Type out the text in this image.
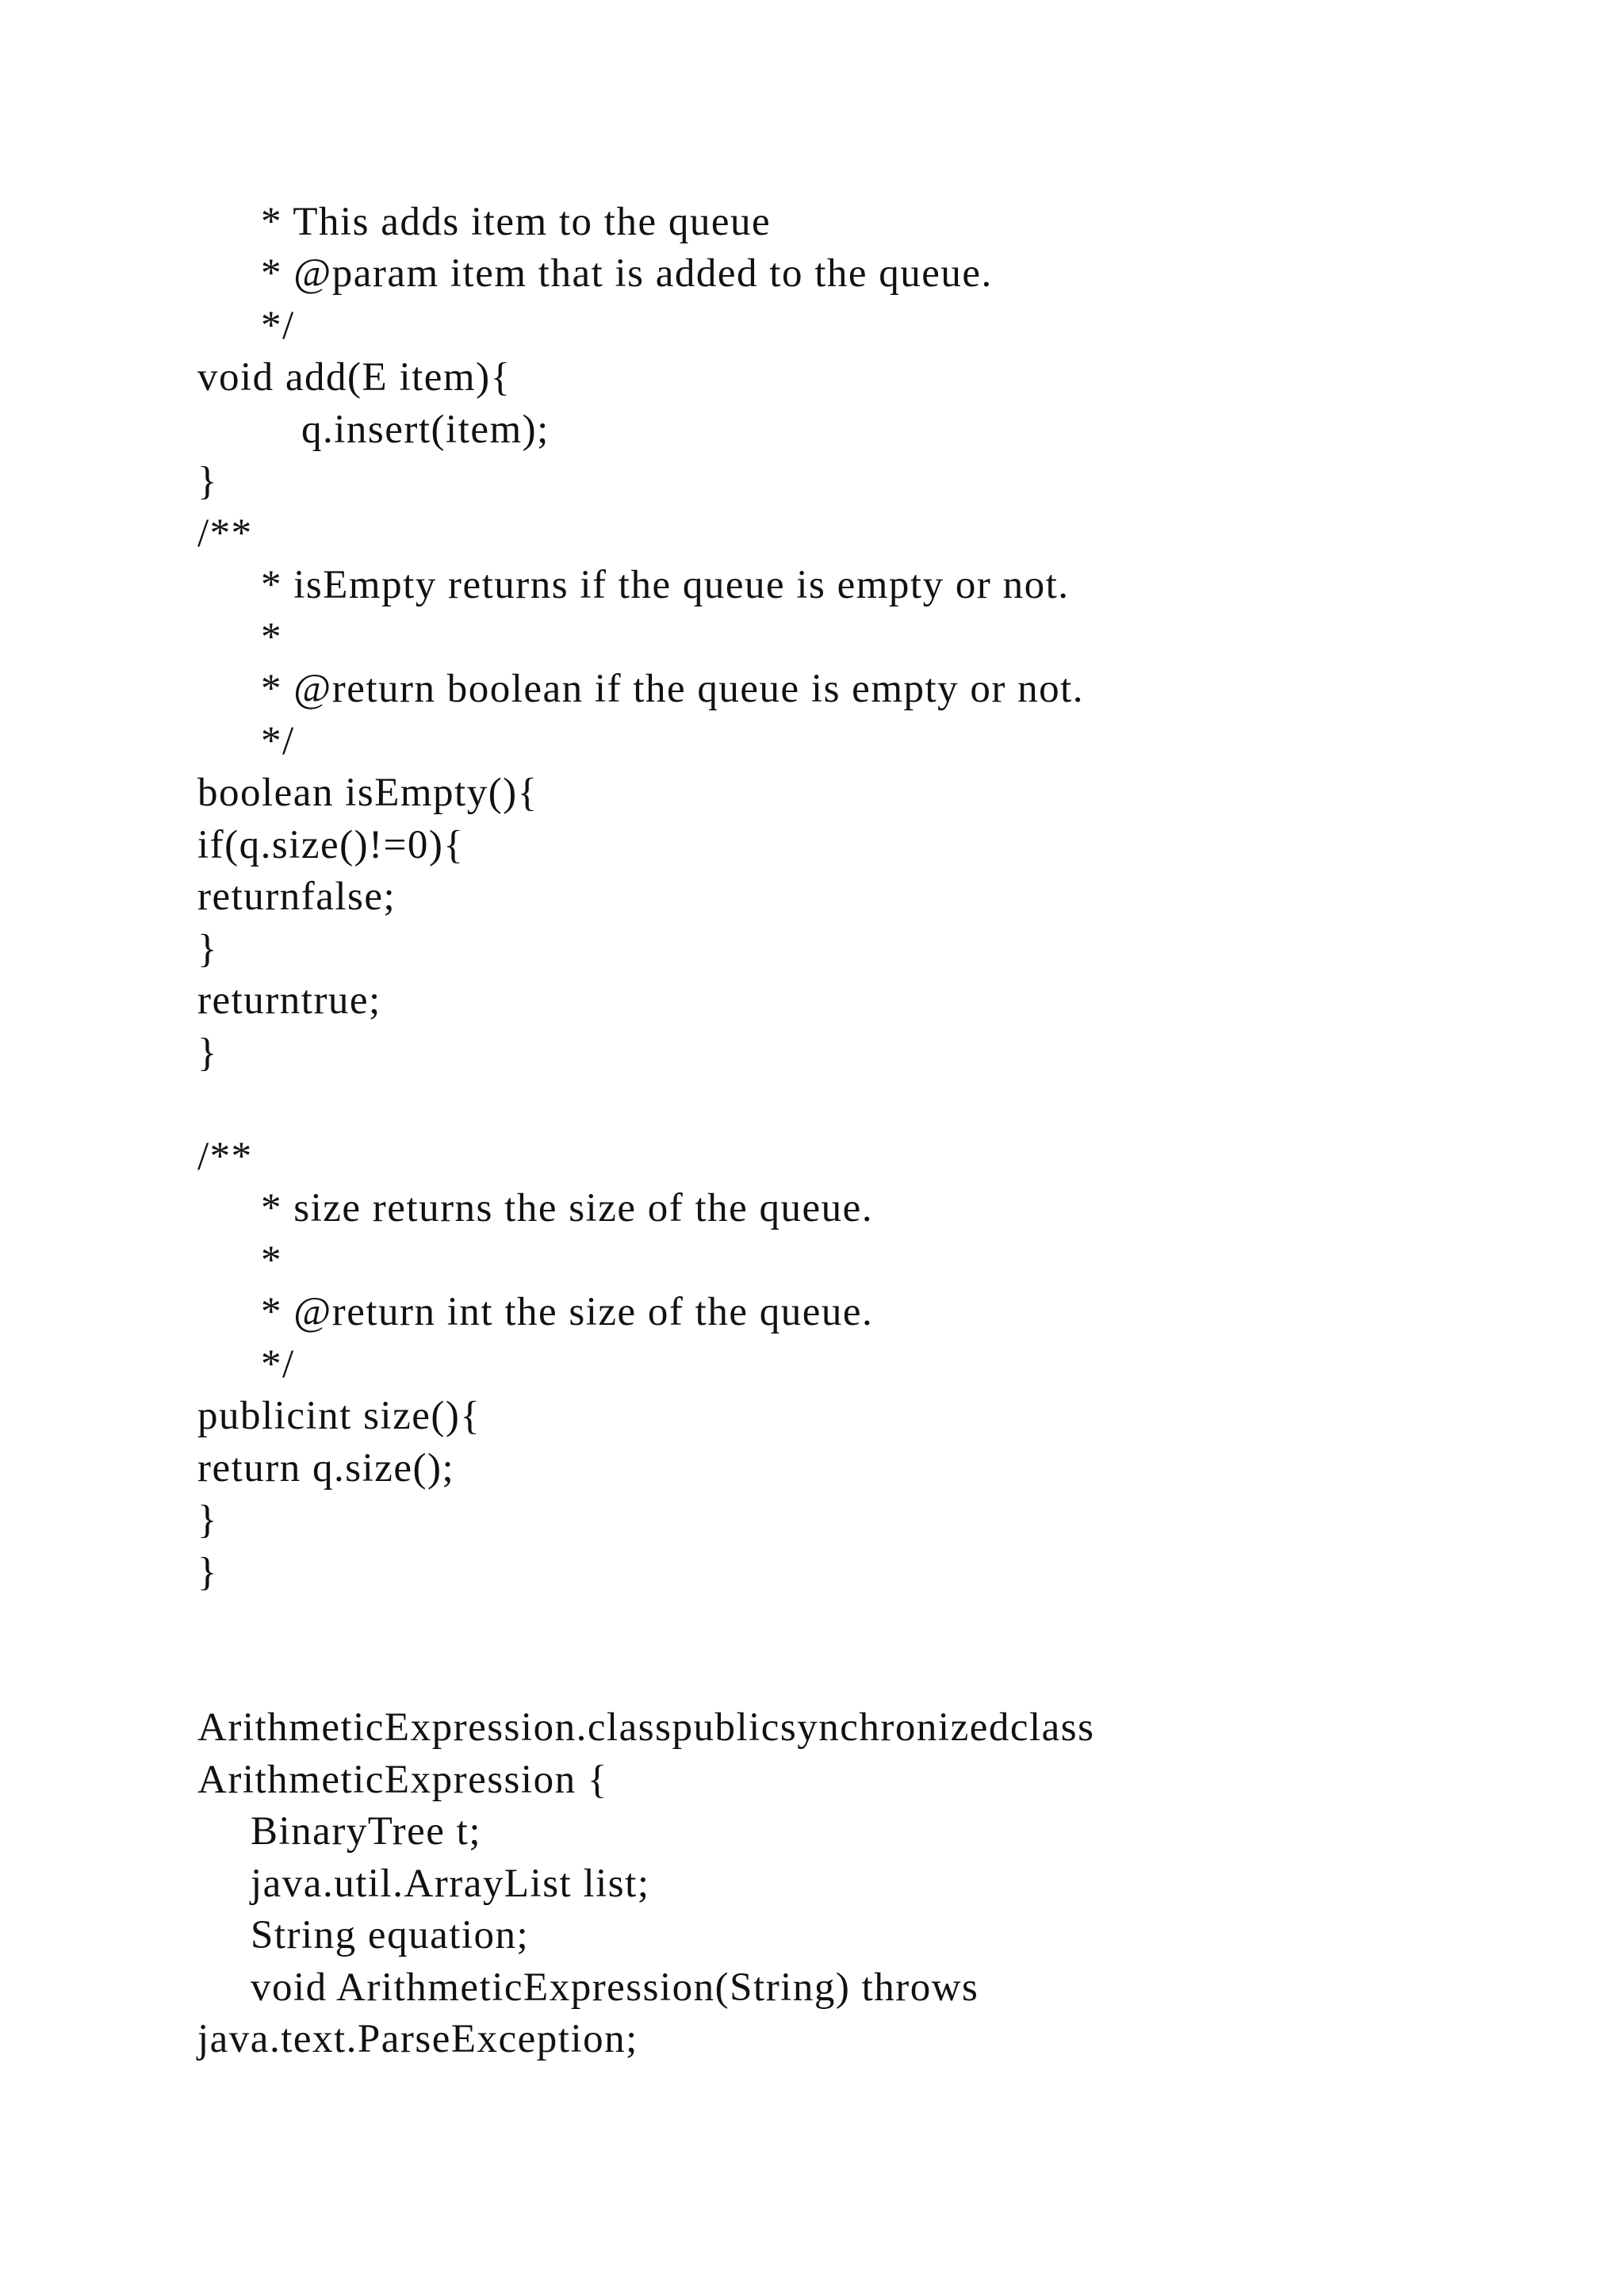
* This adds item to the queue
* @param item that is added to the queue.
*/
void add(E item){
q.insert(item);
}
/**
* isEmpty returns if the queue is empty or not.
*
* @return boolean if the queue is empty or not.
*/
boolean isEmpty(){
if(q.size()!=0){
returnfalse;
}
returntrue;
}
/**
* size returns the size of the queue.
*
* @return int the size of the queue.
*/
publicint size(){
return q.size();
}
}
ArithmeticExpression.classpublicsynchronizedclass
ArithmeticExpression {
BinaryTree t;
java.util.ArrayList list;
String equation;
void ArithmeticExpression(String) throws
java.text.ParseException;
